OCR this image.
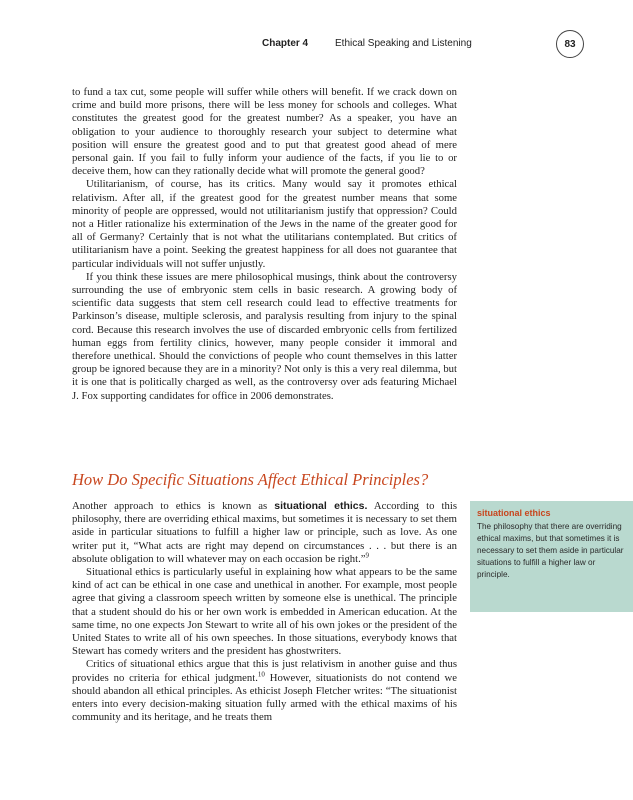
Chapter 4	Ethical Speaking and Listening	83

to fund a tax cut, some people will suffer while others will benefit. If we crack down on crime and build more prisons, there will be less money for schools and colleges. What constitutes the greatest good for the greatest number? As a speaker, you have an obligation to your audience to thoroughly research your subject to determine what position will ensure the greatest good and to put that greatest good ahead of mere personal gain. If you fail to fully inform your audience of the facts, if you lie to or deceive them, how can they rationally decide what will promote the general good?

Utilitarianism, of course, has its critics. Many would say it promotes ethical relativism. After all, if the greatest good for the greatest number means that some minority of people are oppressed, would not utilitarianism justify that oppression? Could not a Hitler rationalize his extermination of the Jews in the name of the greater good for all of Germany? Certainly that is not what the utilitarians contemplated. But critics of utilitarianism have a point. Seeking the greatest happiness for all does not guarantee that particular individuals will not suffer unjustly.

If you think these issues are mere philosophical musings, think about the controversy surrounding the use of embryonic stem cells in basic research. A growing body of scientific data suggests that stem cell research could lead to effective treatments for Parkinson’s disease, multiple sclerosis, and paralysis resulting from injury to the spinal cord. Because this research involves the use of discarded embryonic cells from fertilized human eggs from fertility clinics, however, many people consider it immoral and therefore unethical. Should the convictions of people who count themselves in this latter group be ignored because they are in a minority? Not only is this a very real dilemma, but it is one that is politically charged as well, as the controversy over ads featuring Michael J. Fox supporting candidates for office in 2006 demonstrates.

How Do Specific Situations Affect Ethical Principles?

Another approach to ethics is known as situational ethics. According to this philosophy, there are overriding ethical maxims, but sometimes it is necessary to set them aside in particular situations to fulfill a higher law or principle, such as love. As one writer put it, “What acts are right may depend on circumstances . . . but there is an absolute obligation to will whatever may on each occasion be right.”$^9$

Situational ethics is particularly useful in explaining how what appears to be the same kind of act can be ethical in one case and unethical in another. For example, most people agree that giving a classroom speech written by someone else is unethical. The principle that a student should do his or her own work is embedded in American education. At the same time, no one expects Jon Stewart to write all of his own jokes or the president of the United States to write all of his own speeches. In those situations, everybody knows that Stewart has comedy writers and the president has ghostwriters.

Critics of situational ethics argue that this is just relativism in another guise and thus provides no criteria for ethical judgment.$^{10}$ However, situationists do not contend we should abandon all ethical principles. As ethicist Joseph Fletcher writes: “The situationist enters into every decision-making situation fully armed with the ethical maxims of his community and its heritage, and he treats them

situational ethics

The philosophy that there are overriding ethical maxims, but that sometimes it is necessary to set them aside in particular situations to fulfill a higher law or principle.
